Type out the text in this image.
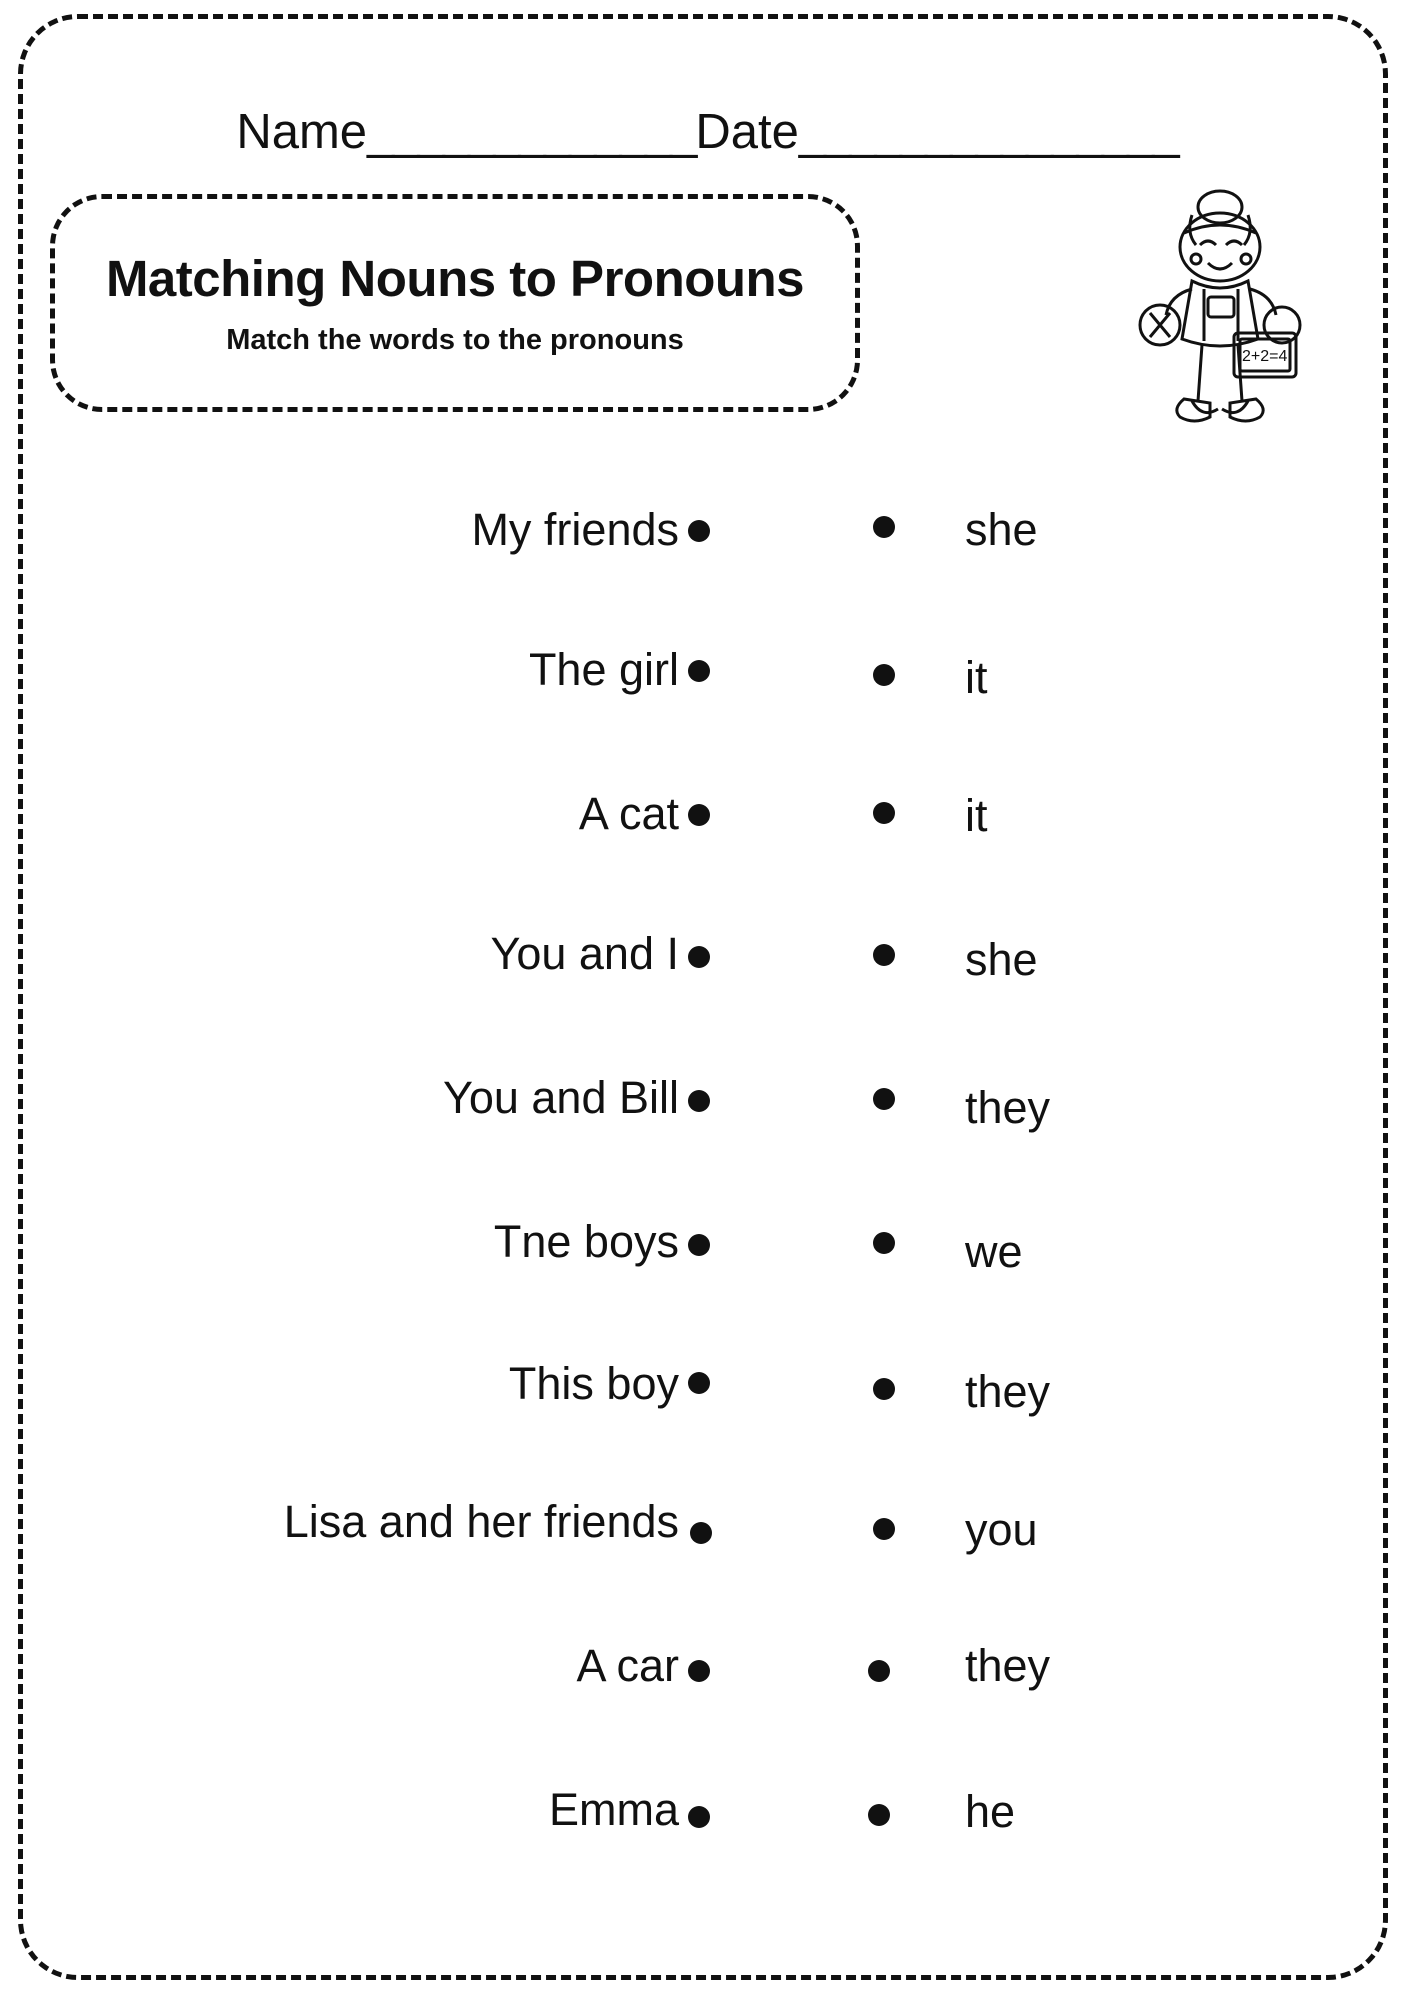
Name_____________Date_______________
Matching Nouns to Pronouns
Match the words to the pronouns
2+2=4
My friends	she
The girl	it
A cat	it
You and I	she
You and Bill	they
Tne boys	we
This boy	they
Lisa and her friends	you
A car	they
Emma	he
